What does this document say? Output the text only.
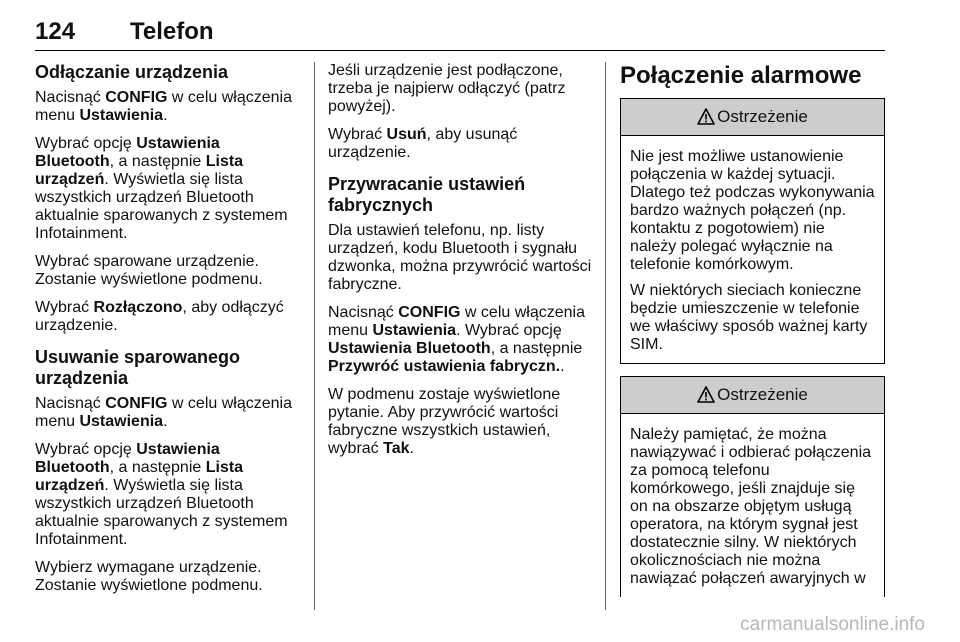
124 Telefon
Odłączanie urządzenia

Nacisnąć CONFIG w celu włączenia menu Ustawienia.

Wybrać opcję Ustawienia Bluetooth, a następnie Lista urządzeń. Wyświetla się lista wszystkich urządzeń Bluetooth aktualnie sparowanych z systemem Infotainment.

Wybrać sparowane urządzenie. Zostanie wyświetlone podmenu.

Wybrać Rozłączono, aby odłączyć urządzenie.

Usuwanie sparowanego urządzenia

Nacisnąć CONFIG w celu włączenia menu Ustawienia.

Wybrać opcję Ustawienia Bluetooth, a następnie Lista urządzeń. Wyświetla się lista wszystkich urządzeń Bluetooth aktualnie sparowanych z systemem Infotainment.

Wybierz wymagane urządzenie. Zostanie wyświetlone podmenu.

Jeśli urządzenie jest podłączone, trzeba je najpierw odłączyć (patrz powyżej).

Wybrać Usuń, aby usunąć urządzenie.

Przywracanie ustawień fabrycznych

Dla ustawień telefonu, np. listy urządzeń, kodu Bluetooth i sygnału dzwonka, można przywrócić wartości fabryczne.

Nacisnąć CONFIG w celu włączenia menu Ustawienia. Wybrać opcję Ustawienia Bluetooth, a następnie Przywróć ustawienia fabryczn..

W podmenu zostaje wyświetlone pytanie. Aby przywrócić wartości fabryczne wszystkich ustawień, wybrać Tak.

Połączenie alarmowe
Ostrzeżenie

Nie jest możliwe ustanowienie połączenia w każdej sytuacji. Dlatego też podczas wykonywania bardzo ważnych połączeń (np. kontaktu z pogotowiem) nie należy polegać wyłącznie na telefonie komórkowym.

W niektórych sieciach konieczne będzie umieszczenie w telefonie we właściwy sposób ważnej karty SIM.

Ostrzeżenie

Należy pamiętać, że można nawiązywać i odbierać połączenia za pomocą telefonu komórkowego, jeśli znajduje się on na obszarze objętym usługą operatora, na którym sygnał jest dostatecznie silny. W niektórych okolicznościach nie można nawiązać połączeń awaryjnych w

carmanualsonline.info
